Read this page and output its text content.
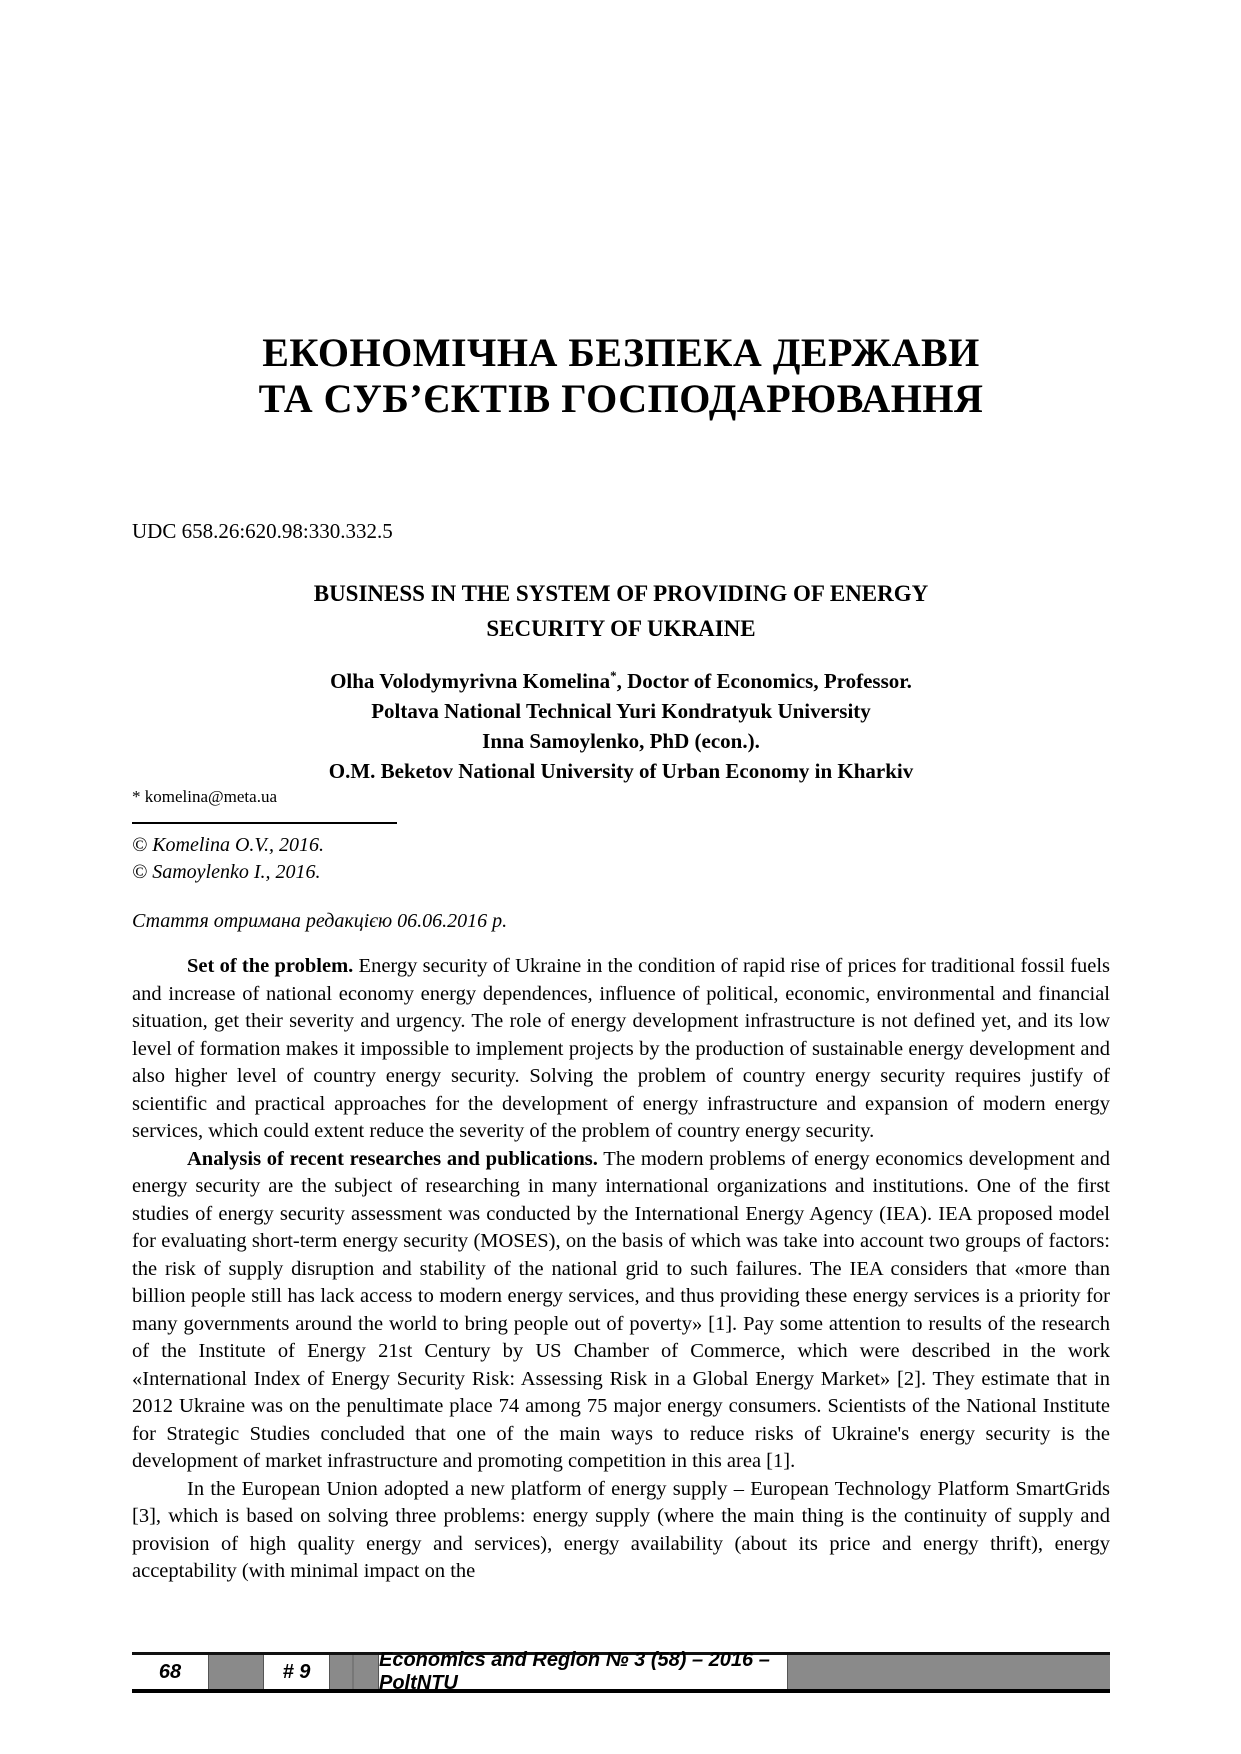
ЕКОНОМІЧНА БЕЗПЕКА ДЕРЖАВИ
ТА СУБ’ЄКТІВ ГОСПОДАРЮВАННЯ
UDC 658.26:620.98:330.332.5
BUSINESS IN THE SYSTEM OF PROVIDING OF ENERGY
SECURITY OF UKRAINE
Olha Volodymyrivna Komelina*, Doctor of Economics, Professor.
Poltava National Technical Yuri Kondratyuk University
Inna Samoylenko, PhD (econ.).
O.M. Beketov National University of Urban Economy in Kharkiv
* komelina@meta.ua
© Komelina O.V., 2016.
© Samoylenko I., 2016.
Стаття отримана редакцією 06.06.2016 р.

Set of the problem. Energy security of Ukraine in the condition of rapid rise of prices for traditional fossil fuels and increase of national economy energy dependences, influence of political, economic, environmental and financial situation, get their severity and urgency. The role of energy development infrastructure is not defined yet, and its low level of formation makes it impossible to implement projects by the production of sustainable energy development and also higher level of country energy security. Solving the problem of country energy security requires justify of scientific and practical approaches for the development of energy infrastructure and expansion of modern energy services, which could extent reduce the severity of the problem of country energy security.

Analysis of recent researches and publications. The modern problems of energy economics development and energy security are the subject of researching in many international organizations and institutions. One of the first studies of energy security assessment was conducted by the International Energy Agency (IEA). IEA proposed model for evaluating short-term energy security (MOSES), on the basis of which was take into account two groups of factors: the risk of supply disruption and stability of the national grid to such failures. The IEA considers that «more than billion people still has lack access to modern energy services, and thus providing these energy services is a priority for many governments around the world to bring people out of poverty» [1]. Pay some attention to results of the research of the Institute of Energy 21st Century by US Chamber of Commerce, which were described in the work «International Index of Energy Security Risk: Assessing Risk in a Global Energy Market» [2]. They estimate that in 2012 Ukraine was on the penultimate place 74 among 75 major energy consumers. Scientists of the National Institute for Strategic Studies concluded that one of the main ways to reduce risks of Ukraine's energy security is the development of market infrastructure and promoting competition in this area [1].

In the European Union adopted a new platform of energy supply – European Technology Platform SmartGrids [3], which is based on solving three problems: energy supply (where the main thing is the continuity of supply and provision of high quality energy and services), energy availability (about its price and energy thrift), energy acceptability (with minimal impact on the

68	# 9
Economics and Region № 3 (58) – 2016 – PoltNTU
